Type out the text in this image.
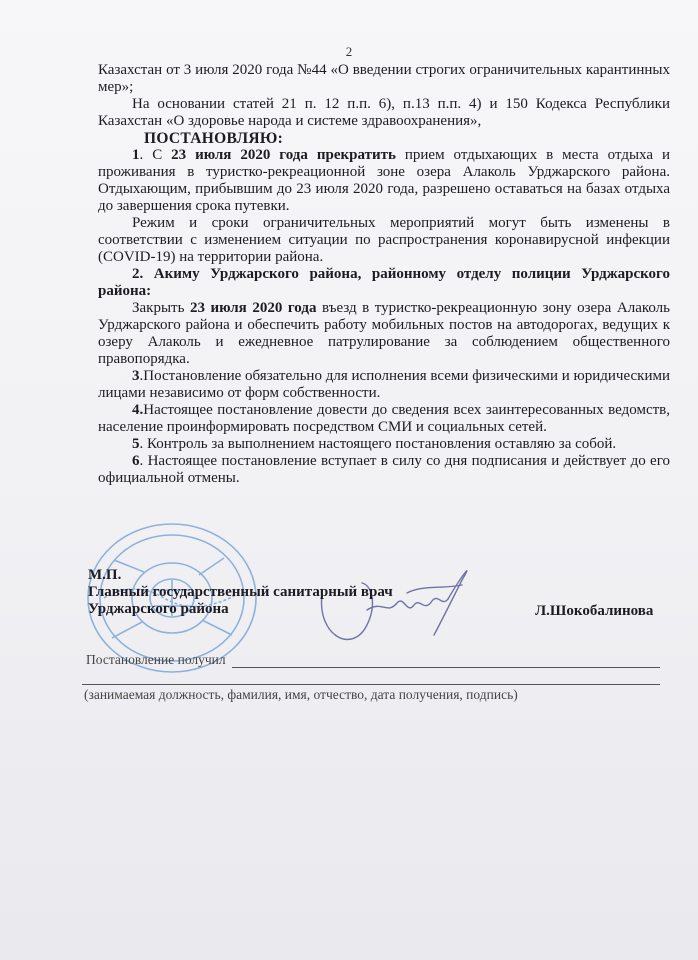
2

Казахстан от 3 июля 2020 года №44 «О введении строгих ограничительных карантинных мер»;

На основании статей 21 п. 12 п.п. 6), п.13 п.п. 4) и 150 Кодекса Республики Казахстан «О здоровье народа и системе здравоохранения»,

ПОСТАНОВЛЯЮ:

1. С 23 июля 2020 года прекратить прием отдыхающих в места отдыха и проживания в туристко-рекреационной зоне озера Алаколь Урджарского района. Отдыхающим, прибывшим до 23 июля 2020 года, разрешено оставаться на базах отдыха до завершения срока путевки.

Режим и сроки ограничительных мероприятий могут быть изменены в соответствии с изменением ситуации по распространения коронавирусной инфекции (COVID-19) на территории района.

2. Акиму Урджарского района, районному отделу полиции Урджарского района:

Закрыть 23 июля 2020 года въезд в туристко-рекреационную зону озера Алаколь Урджарского района и обеспечить работу мобильных постов на автодорогах, ведущих к озеру Алаколь и ежедневное патрулирование за соблюдением общественного правопорядка.

3.Постановление обязательно для исполнения всеми физическими и юридическими лицами независимо от форм собственности.

4.Настоящее постановление довести до сведения всех заинтересованных ведомств, население проинформировать посредством СМИ и социальных сетей.

5. Контроль за выполнением настоящего постановления оставляю за собой.

6. Настоящее постановление вступает в силу со дня подписания и действует до его официальной отмены.

М.П.
Главный государственный санитарный врач
Урджарского района	Л.Шокобалинова
Постановление получил
(занимаемая должность, фамилия, имя, отчество, дата получения, подпись)
